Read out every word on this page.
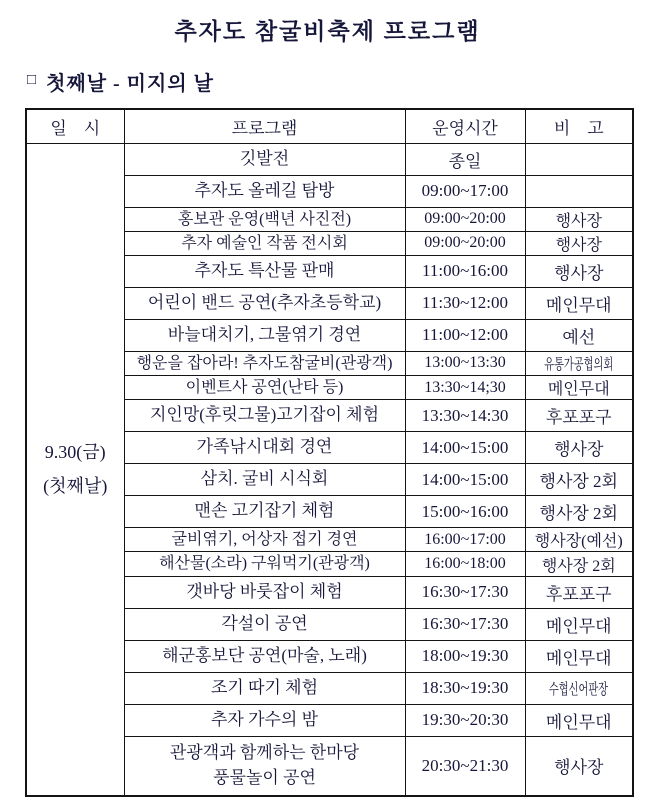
추자도 참굴비축제 프로그램
□ 첫째날 - 미지의 날
일　시	프로그램	운영시간	비　고

9.30(금)
(첫째날)	깃발전	종일	

	추자도 올레길 탐방	09:00~17:00	

	홍보관 운영(백년 사진전)	09:00~20:00	행사장

	추자 예술인 작품 전시회	09:00~20:00	행사장

	추자도 특산물 판매	11:00~16:00	행사장

	어린이 밴드 공연(추자초등학교)	11:30~12:00	메인무대

	바늘대치기, 그물엮기 경연	11:00~12:00	예선

	행운을 잡아라! 추자도참굴비(관광객)	13:00~13:30	유통가공협의회

	이벤트사 공연(난타 등)	13:30~14;30	메인무대

	지인망(후릿그물)고기잡이 체험	13:30~14:30	후포포구

	가족낚시대회 경연	14:00~15:00	행사장

	삼치. 굴비 시식회	14:00~15:00	행사장 2회

	맨손 고기잡기 체험	15:00~16:00	행사장 2회

	굴비엮기, 어상자 접기 경연	16:00~17:00	행사장(예선)

	해산물(소라) 구워먹기(관광객)	16:00~18:00	행사장 2회

	갯바당 바룻잡이 체험	16:30~17:30	후포포구

	각설이 공연	16:30~17:30	메인무대

	해군홍보단 공연(마술, 노래)	18:00~19:30	메인무대

	조기 따기 체험	18:30~19:30	수협신어판장

	추자 가수의 밤	19:30~20:30	메인무대

	관광객과 함께하는 한마당
풍물놀이 공연	20:30~21:30	행사장
